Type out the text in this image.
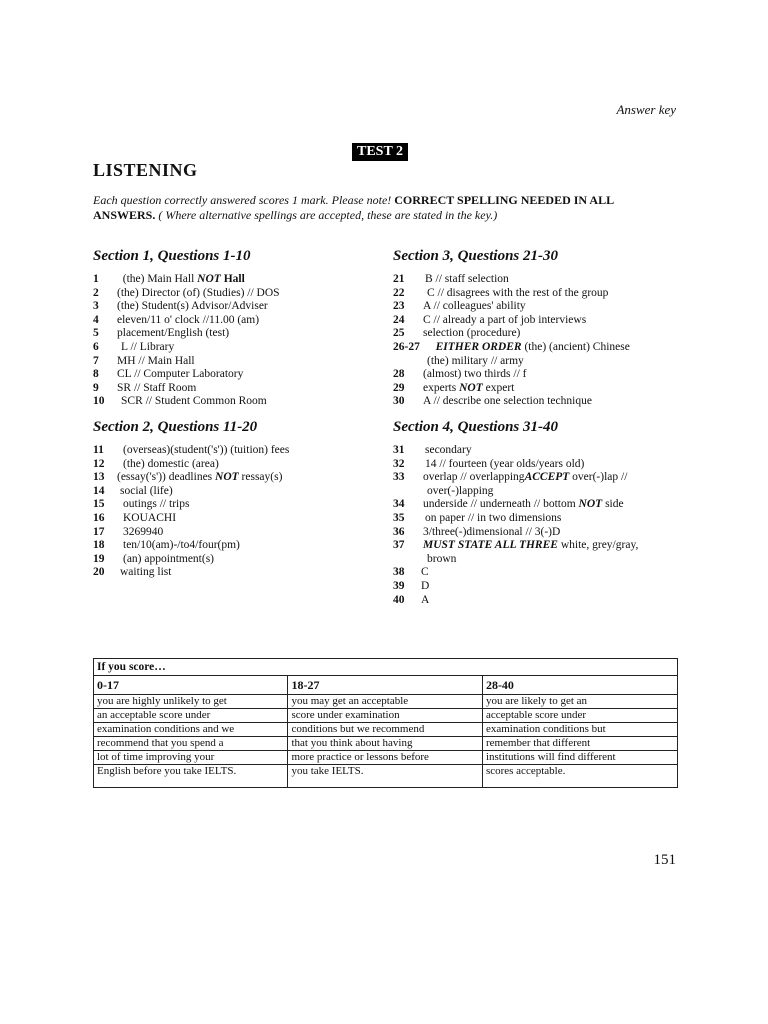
Answer key
TEST 2
LISTENING
Each question correctly answered scores 1 mark. Please note! CORRECT SPELLING NEEDED IN ALL ANSWERS. ( Where alternative spellings are accepted, these are stated in the key.)
Section 1, Questions 1-10
1	(the) Main Hall NOT Hall
2	(the) Director (of) (Studies) // DOS
3	(the) Student(s) Advisor/Adviser
4	eleven/11 o' clock //11.00 (am)
5	placement/English (test)
6	L // Library
7	MH // Main Hall
8	CL // Computer Laboratory
9	SR // Staff Room
10	SCR // Student Common Room
Section 2, Questions 11-20
11	(overseas)(student('s')) (tuition) fees
12	(the) domestic (area)
13	(essay('s')) deadlines NOT ressay(s)
14	social (life)
15	outings // trips
16	KOUACHI
17	3269940
18	ten/10(am)-/to4/four(pm)
19	(an) appointment(s)
20	waiting list
Section 3, Questions 21-30
21	B // staff selection
22	C // disagrees with the rest of the group
23	A // colleagues' ability
24	C // already a part of job interviews
25	selection (procedure)
26-27	EITHER ORDER (the) (ancient) Chinese
(the) military // army
28	(almost) two thirds // f
29	experts NOT expert
30	A // describe one selection technique
Section 4, Questions 31-40
31	secondary
32	14 // fourteen (year olds/years old)
33	overlap // overlappingACCEPT over(-)lap //
over(-)lapping
34	underside // underneath // bottom NOT side
35	on paper // in two dimensions
36	3/three(-)dimensional // 3(-)D
37	MUST STATE ALL THREE white, grey/gray,
brown
38	C
39	D
40	A
If you score…		
0-17	18-27	28-40
you are highly unlikely to get	you may get an acceptable	you are likely to get an
an acceptable score under	score under examination	acceptable score under
examination conditions and we	conditions but we recommend	examination conditions but
recommend that you spend a	that you think about having	remember that different
lot of time improving your	more practice or lessons before	institutions will find different
English before you take IELTS.	you take IELTS.	scores acceptable.
151
